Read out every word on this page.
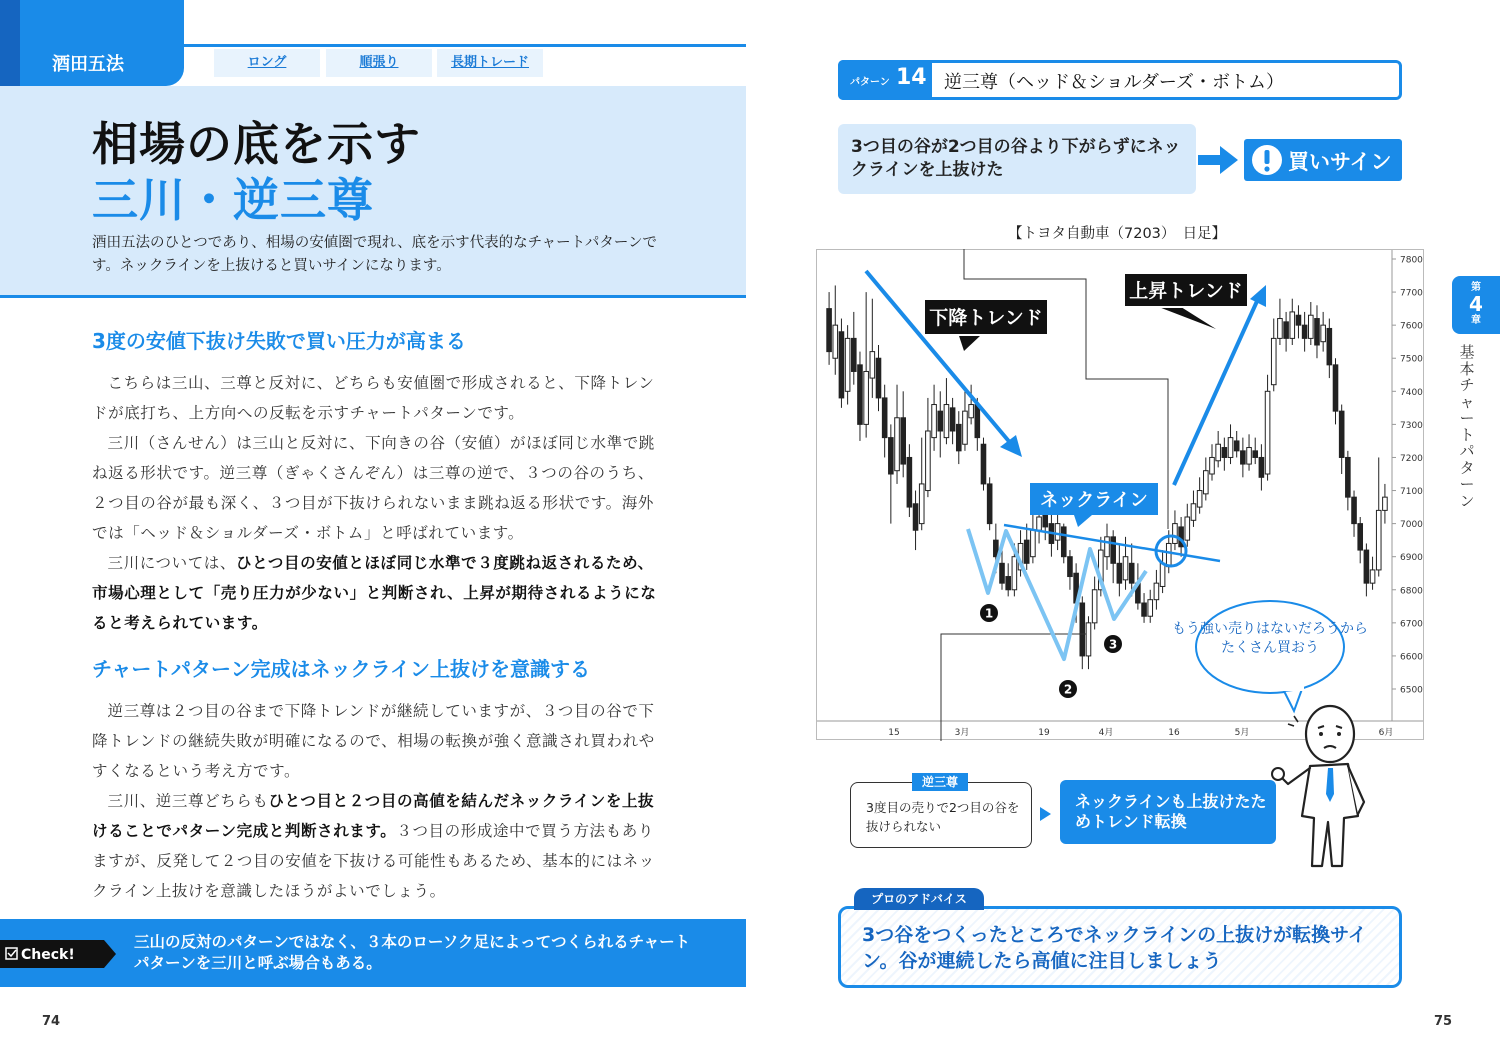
酒田五法	ロング	順張り	長期トレード
相場の底を示す
三川・逆三尊
酒田五法のひとつであり、相場の安値圏で現れ、底を示す代表的なチャートパターンです。ネックラインを上抜けると買いサインになります。
3度の安値下抜け失敗で買い圧力が高まる

こちらは三山、三尊と反対に、どちらも安値圏で形成されると、下降トレンドが底打ち、上方向への反転を示すチャートパターンです。

三川（さんせん）は三山と反対に、下向きの谷（安値）がほぼ同じ水準で跳ね返る形状です。逆三尊（ぎゃくさんぞん）は三尊の逆で、３つの谷のうち、２つ目の谷が最も深く、３つ目が下抜けられないまま跳ね返る形状です。海外では「ヘッド＆ショルダーズ・ボトム」と呼ばれています。

三川については、ひとつ目の安値とほぼ同じ水準で３度跳ね返されるため、市場心理として「売り圧力が少ない」と判断され、上昇が期待されるようになると考えられています。

チャートパターン完成はネックライン上抜けを意識する

逆三尊は２つ目の谷まで下降トレンドが継続していますが、３つ目の谷で下降トレンドの継続失敗が明確になるので、相場の転換が強く意識され買われやすくなるという考え方です。

三川、逆三尊どちらもひとつ目と２つ目の高値を結んだネックラインを上抜けることでパターン完成と判断されます。３つ目の形成途中で買う方法もありますが、反発して２つ目の安値を下抜ける可能性もあるため、基本的にはネックライン上抜けを意識したほうがよいでしょう。

Check!
三山の反対のパターンではなく、３本のローソク足によってつくられるチャートパターンを三川と呼ぶ場合もある。
74
パターン 14 逆三尊（ヘッド＆ショルダーズ・ボトム）
3つ目の谷が2つ目の谷より下がらずにネックラインを上抜けた	買いサイン
【トヨタ自動車（7203）　日足】
6500
6600
6700
6800
6900
7000
7100
7200
7300
7400
7500
7600
7700
7800
15	3月	19	4月	16	5月	6月
下降トレンド
上昇トレンド
ネックライン
1
2
3
もう強い売りはないだろうから
たくさん買おう
第
4
章
基本チャートパターン
逆三尊
3度目の売りで2つ目の谷を抜けられない
ネックラインも上抜けたためトレンド転換
プロのアドバイス
3つ谷をつくったところでネックラインの上抜けが転換サイン。谷が連続したら高値に注目しましょう
75
